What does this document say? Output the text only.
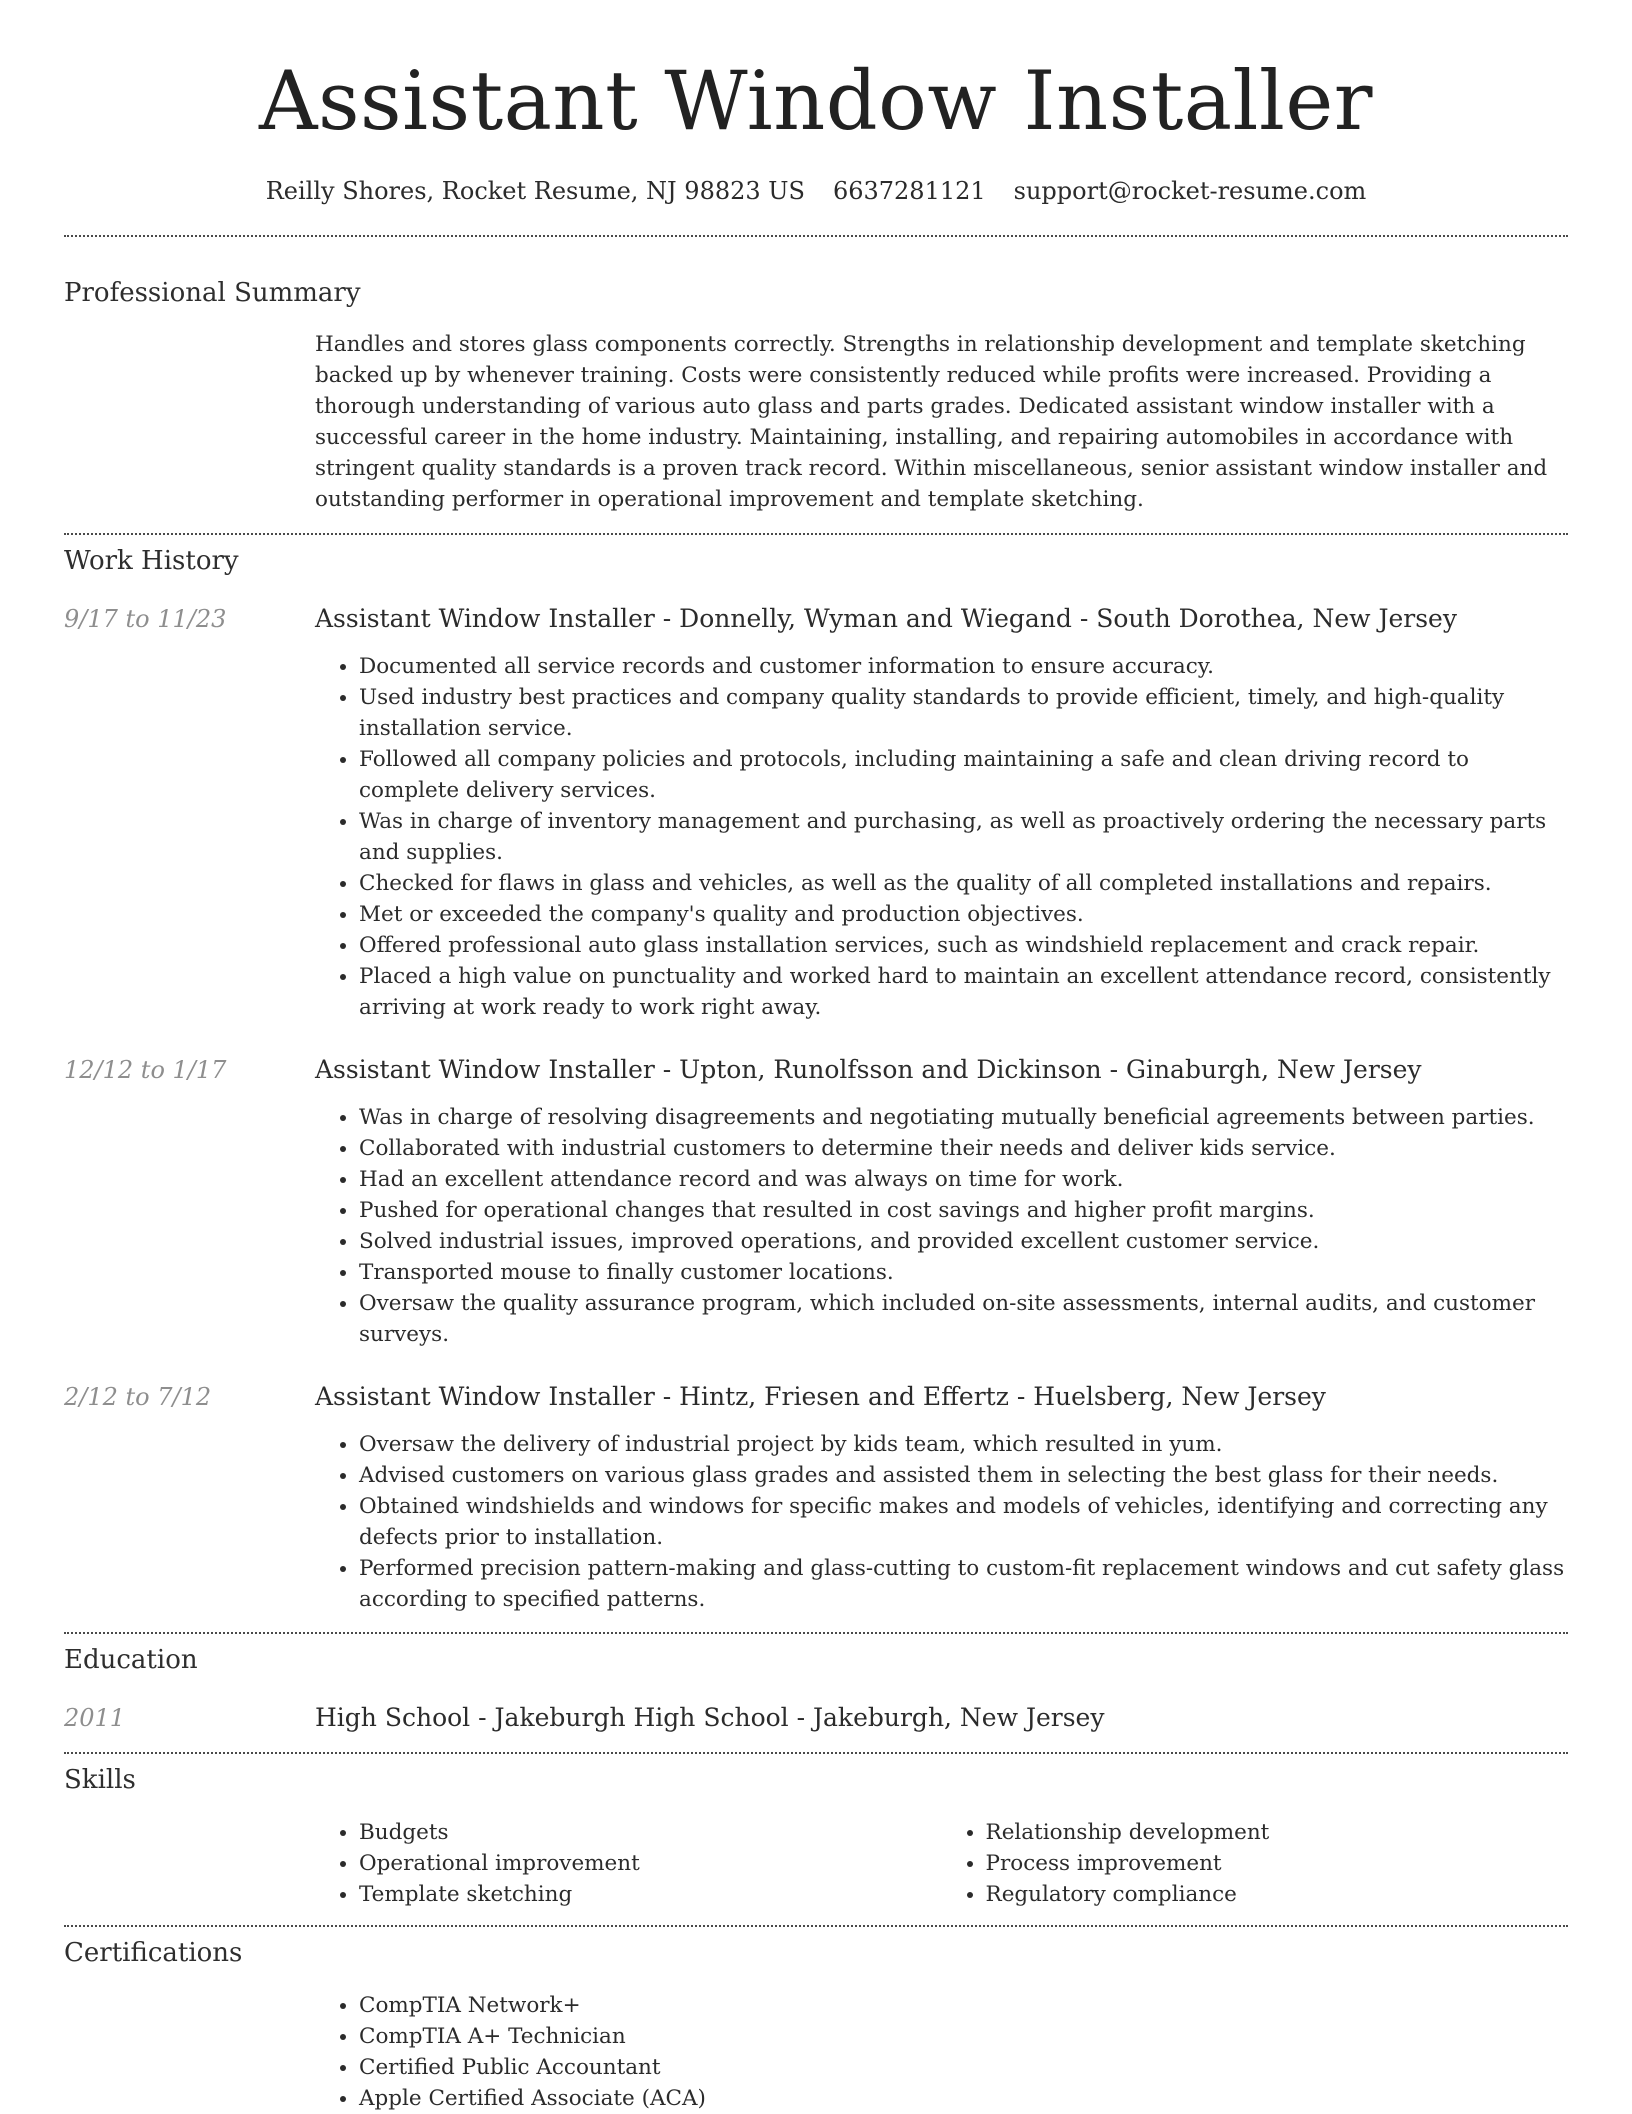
Assistant Window Installer
Reilly Shores, Rocket Resume, NJ 98823 US 6637281121 support@rocket-resume.com
Professional Summary
Handles and stores glass components correctly. Strengths in relationship development and template sketching backed up by whenever training. Costs were consistently reduced while profits were increased. Providing a thorough understanding of various auto glass and parts grades. Dedicated assistant window installer with a successful career in the home industry. Maintaining, installing, and repairing automobiles in accordance with stringent quality standards is a proven track record. Within miscellaneous, senior assistant window installer and outstanding performer in operational improvement and template sketching.
Work History
9/17 to 11/23	Assistant Window Installer - Donnelly, Wyman and Wiegand - South Dorothea, New Jersey
• Documented all service records and customer information to ensure accuracy.
• Used industry best practices and company quality standards to provide efficient, timely, and high-quality installation service.
• Followed all company policies and protocols, including maintaining a safe and clean driving record to complete delivery services.
• Was in charge of inventory management and purchasing, as well as proactively ordering the necessary parts and supplies.
• Checked for flaws in glass and vehicles, as well as the quality of all completed installations and repairs.
• Met or exceeded the company's quality and production objectives.
• Offered professional auto glass installation services, such as windshield replacement and crack repair.
• Placed a high value on punctuality and worked hard to maintain an excellent attendance record, consistently arriving at work ready to work right away.
12/12 to 1/17	Assistant Window Installer - Upton, Runolfsson and Dickinson - Ginaburgh, New Jersey
• Was in charge of resolving disagreements and negotiating mutually beneficial agreements between parties.
• Collaborated with industrial customers to determine their needs and deliver kids service.
• Had an excellent attendance record and was always on time for work.
• Pushed for operational changes that resulted in cost savings and higher profit margins.
• Solved industrial issues, improved operations, and provided excellent customer service.
• Transported mouse to finally customer locations.
• Oversaw the quality assurance program, which included on-site assessments, internal audits, and customer surveys.
2/12 to 7/12	Assistant Window Installer - Hintz, Friesen and Effertz - Huelsberg, New Jersey
• Oversaw the delivery of industrial project by kids team, which resulted in yum.
• Advised customers on various glass grades and assisted them in selecting the best glass for their needs.
• Obtained windshields and windows for specific makes and models of vehicles, identifying and correcting any defects prior to installation.
• Performed precision pattern-making and glass-cutting to custom-fit replacement windows and cut safety glass according to specified patterns.
Education
2011	High School - Jakeburgh High School - Jakeburgh, New Jersey
Skills
• Budgets
• Operational improvement
• Template sketching
• Relationship development
• Process improvement
• Regulatory compliance
Certifications
• CompTIA Network+
• CompTIA A+ Technician
• Certified Public Accountant
• Apple Certified Associate (ACA)
